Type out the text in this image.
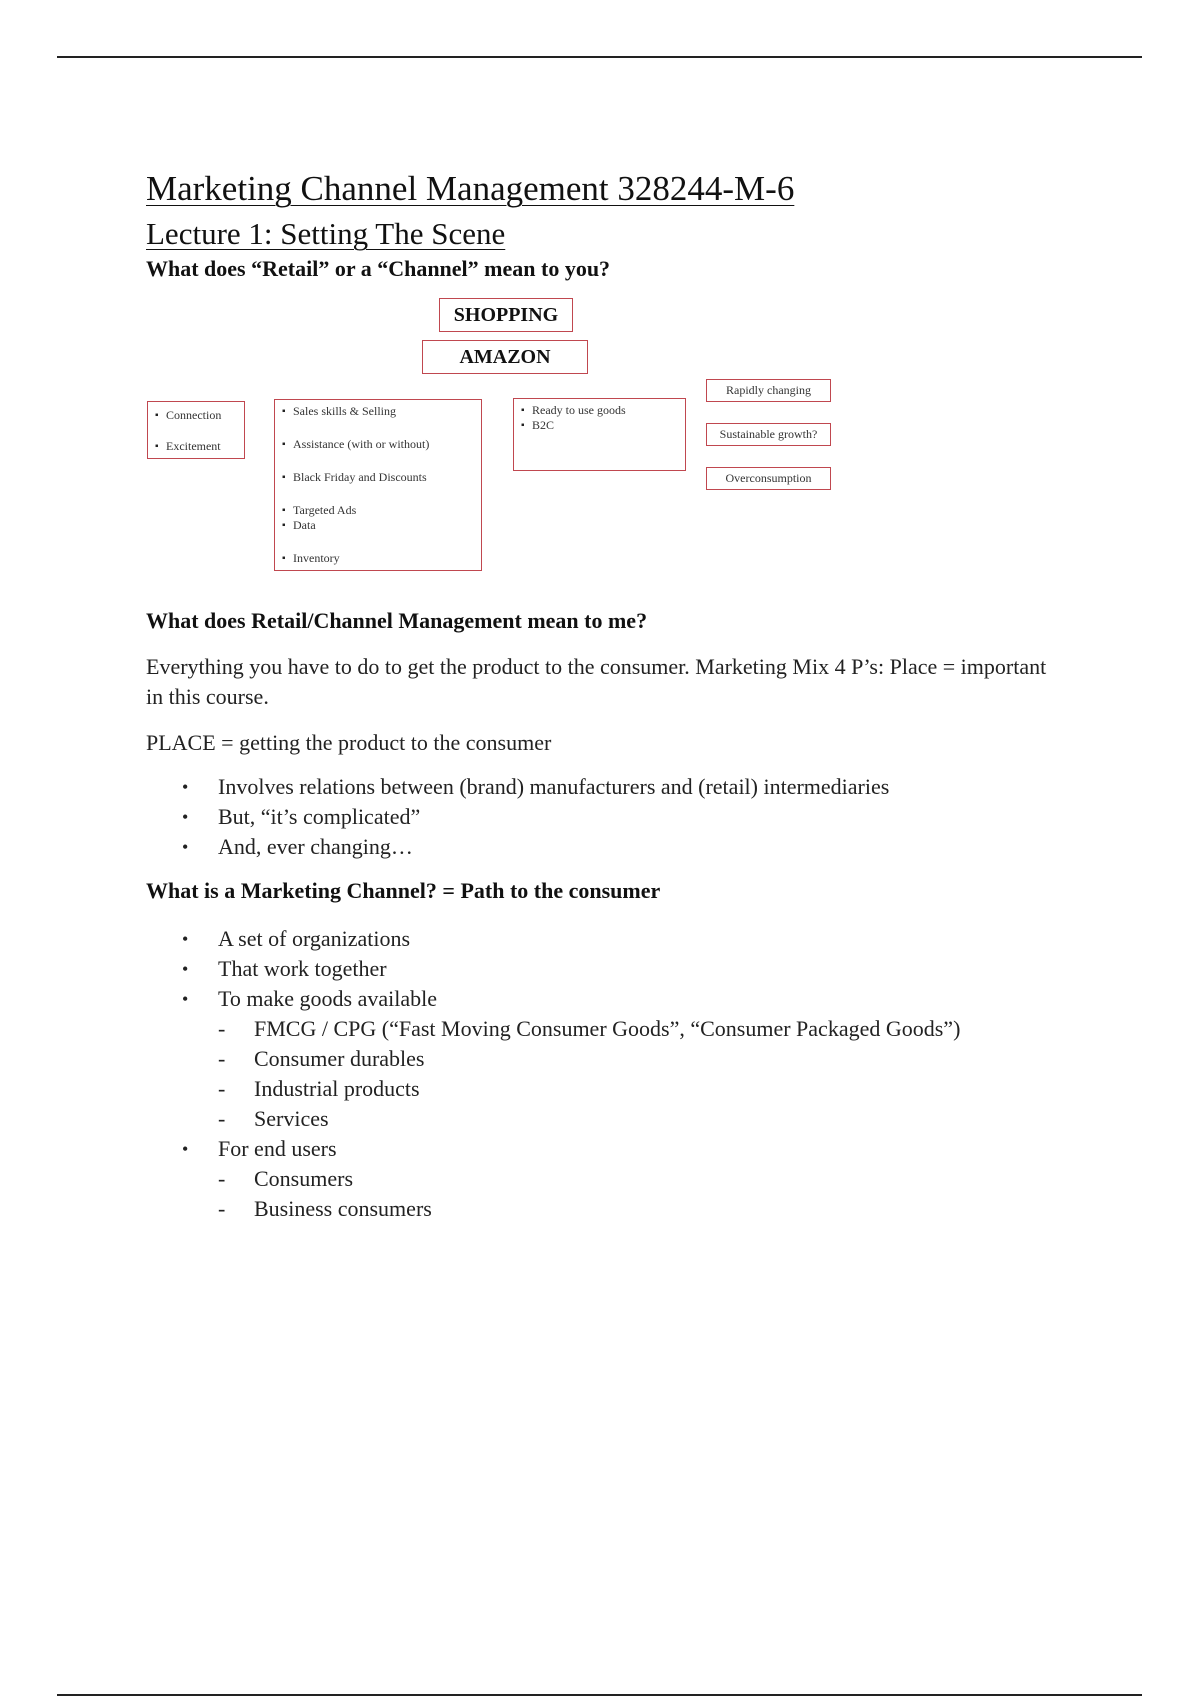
Marketing Channel Management 328244-M-6
Lecture 1: Setting The Scene
What does “Retail” or a “Channel” mean to you?
SHOPPING
AMAZON
▪ Connection
▪ Excitement
▪ Sales skills & Selling
▪ Assistance (with or without)
▪ Black Friday and Discounts
▪ Targeted Ads
▪ Data
▪ Inventory
▪ Ready to use goods
▪ B2C
Rapidly changing
Sustainable growth?
Overconsumption
What does Retail/Channel Management mean to me?

Everything you have to do to get the product to the consumer. Marketing Mix 4 P’s: Place = important in this course.

PLACE = getting the product to the consumer

• Involves relations between (brand) manufacturers and (retail) intermediaries
• But, “it’s complicated”
• And, ever changing…
What is a Marketing Channel? = Path to the consumer
• A set of organizations
• That work together
• To make goods available
- FMCG / CPG (“Fast Moving Consumer Goods”, “Consumer Packaged Goods”)
- Consumer durables
- Industrial products
- Services
• For end users
- Consumers
- Business consumers
